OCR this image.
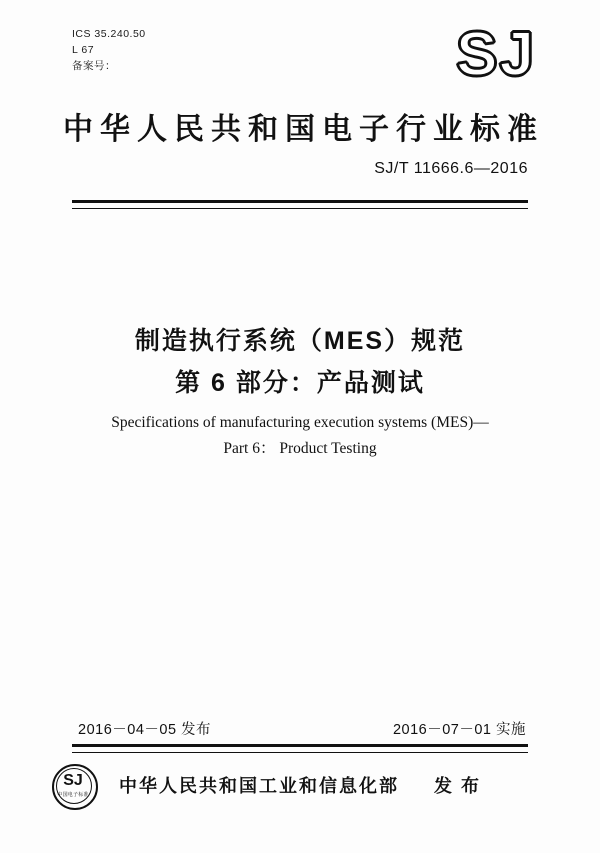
ICS 35.240.50
L 67
备案号：	SJ
中华人民共和国电子行业标准
SJ/T 11666.6—2016
制造执行系统（MES）规范
第 6 部分：产品测试
Specifications of manufacturing execution systems (MES)—
Part 6： Product Testing
2016－04－05 发布	2016－07－01 实施
SJ
中国电子标准	中华人民共和国工业和信息化部 发 布
